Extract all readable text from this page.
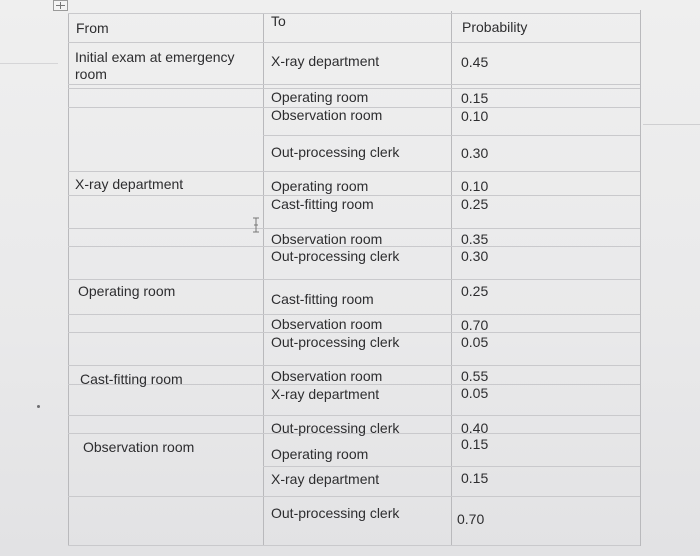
From	To	Probability
Initial exam at emergency
room
X-ray department
Operating room
Cast-fitting room
Observation room
X-ray department
Operating room
Observation room
Out-processing clerk
Operating room
Cast-fitting room
Observation room
Out-processing clerk
Cast-fitting room
Observation room
Out-processing clerk
Observation room
X-ray department
Out-processing clerk
Operating room
X-ray department
Out-processing clerk
0.45
0.15
0.10
0.30
0.10
0.25
0.35
0.30
0.25
0.70
0.05
0.55
0.05
0.40
0.15
0.15
0.70
